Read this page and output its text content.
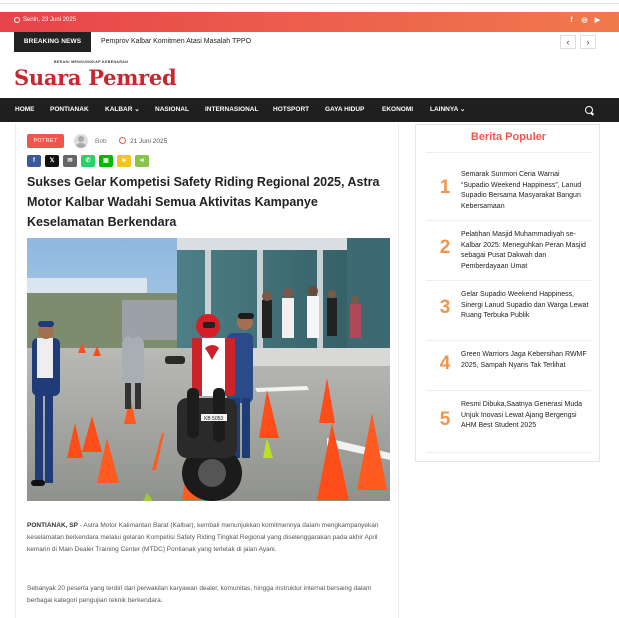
Senin, 23 Juni 2025	f	◎ ▶
BREAKING NEWS	Pemprov Kalbar Komitmen Atasi Masalah TPPO	‹	›
BERANI MENGUNGKAP KEBENARAN
Suara Pemred
HOME PONTIANAK	KALBAR ⌄ NASIONAL INTERNASIONAL HOTSPORT GAYA HIDUP	EKONOMI	LAINNYA ⌄
POTRET	Bob	21 Juni 2025
f	𝕏	✉	✆	▣	➤	⋖
Sukses Gelar Kompetisi Safety Riding Regional 2025, Astra Motor Kalbar Wadahi Semua Aktivitas Kampanye Keselamatan Berkendara
KB 5053
PONTIANAK, SP - Astra Motor Kalimantan Barat (Kalbar), kembali menunjukkan komitmennya dalam mengkampanyekan keselamatan berkendara melalui gelaran Kompetisi Safety Riding Tingkat Regional yang diselenggarakan pada akhir April kemarin di Main Dealer Training Center (MTDC) Pontianak yang terletak di jalan Ayani.
Sebanyak 20 peserta yang terdiri dari perwakilan karyawan dealer, komunitas, hingga instruktur internal bersaing dalam berbagai kategori pengujian teknik berkendara.
Berita Populer
1
Semarak Sunmori Ceria Warnai “Supadio Weekend Happiness”, Lanud Supadio Bersama Masyarakat Bangun Kebersamaan
2
Pelatihan Masjid Muhammadiyah se-Kalbar 2025: Meneguhkan Peran Masjid sebagai Pusat Dakwah dan Pemberdayaan Umat
3
Gelar Supadio Weekend Happiness, Sinergi Lanud Supadio dan Warga Lewat Ruang Terbuka Publik
4	Green Warriors Jaga Kebersihan RWMF 2025, Sampah Nyaris Tak Terlihat
5
Resmi Dibuka,Saatnya Generasi Muda Unjuk Inovasi Lewat Ajang Bergengsi AHM Best Student 2025
